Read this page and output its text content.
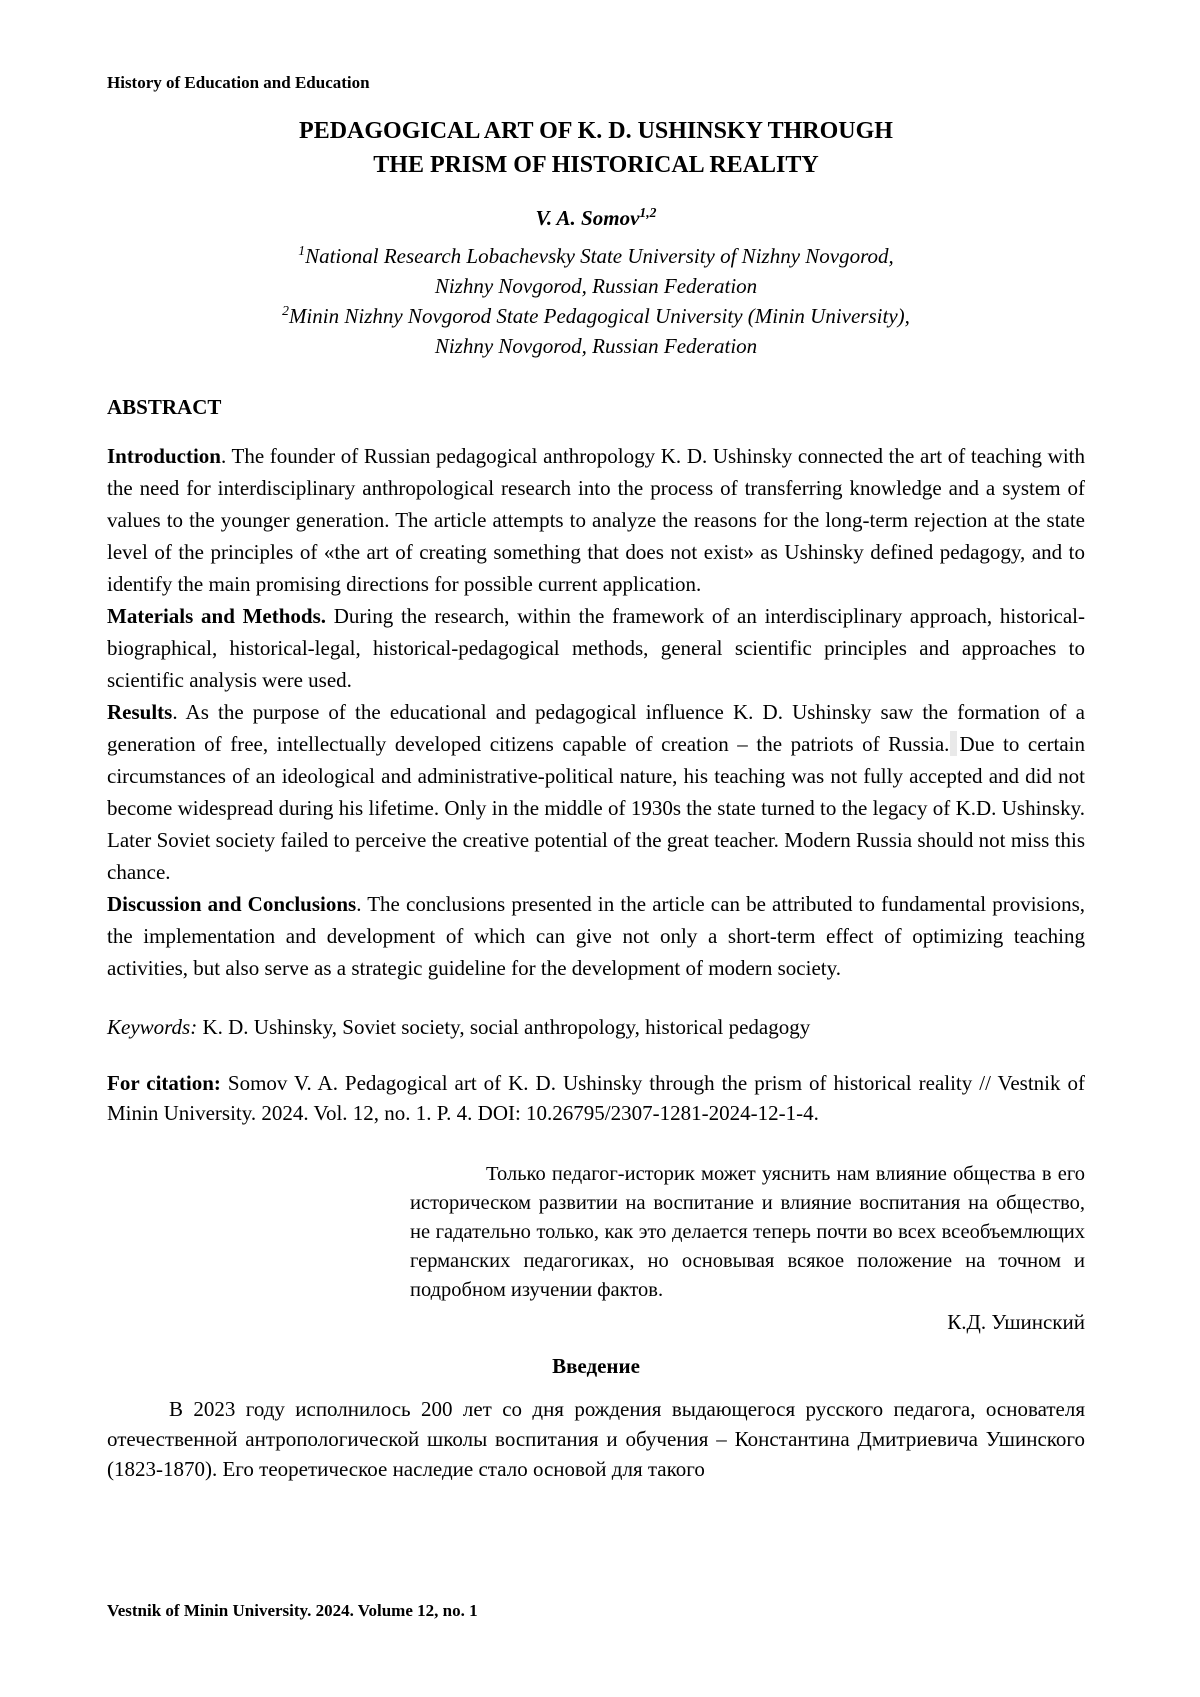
History of Education and Education
PEDAGOGICAL ART OF K. D. USHINSKY THROUGH
THE PRISM OF HISTORICAL REALITY
V. A. Somov$^{1,2}$
$^1$National Research Lobachevsky State University of Nizhny Novgorod,
Nizhny Novgorod, Russian Federation
$^2$Minin Nizhny Novgorod State Pedagogical University (Minin University),
Nizhny Novgorod, Russian Federation
ABSTRACT

Introduction. The founder of Russian pedagogical anthropology K. D. Ushinsky connected the art of teaching with the need for interdisciplinary anthropological research into the process of transferring knowledge and a system of values to the younger generation. The article attempts to analyze the reasons for the long-term rejection at the state level of the principles of «the art of creating something that does not exist» as Ushinsky defined pedagogy, and to identify the main promising directions for possible current application.

Materials and Methods. During the research, within the framework of an interdisciplinary approach, historical-biographical, historical-legal, historical-pedagogical methods, general scientific principles and approaches to scientific analysis were used.

Results. As the purpose of the educational and pedagogical influence K. D. Ushinsky saw the formation of a generation of free, intellectually developed citizens capable of creation – the patriots of Russia. Due to certain circumstances of an ideological and administrative-political nature, his teaching was not fully accepted and did not become widespread during his lifetime. Only in the middle of 1930s the state turned to the legacy of K.D. Ushinsky. Later Soviet society failed to perceive the creative potential of the great teacher. Modern Russia should not miss this chance.

Discussion and Conclusions. The conclusions presented in the article can be attributed to fundamental provisions, the implementation and development of which can give not only a short-term effect of optimizing teaching activities, but also serve as a strategic guideline for the development of modern society.

Keywords: K. D. Ushinsky, Soviet society, social anthropology, historical pedagogy
For citation: Somov V. A. Pedagogical art of K. D. Ushinsky through the prism of historical reality // Vestnik of Minin University. 2024. Vol. 12, no. 1. P. 4. DOI: 10.26795/2307-1281-2024-12-1-4.
Только педагог-историк может уяснить нам влияние общества в его историческом развитии на воспитание и влияние воспитания на общество, не гадательно только, как это делается теперь почти во всех всеобъемлющих германских педагогиках, но основывая всякое положение на точном и подробном изучении фактов.
К.Д. Ушинский
Введение
В 2023 году исполнилось 200 лет со дня рождения выдающегося русского педагога, основателя отечественной антропологической школы воспитания и обучения – Константина Дмитриевича Ушинского (1823-1870). Его теоретическое наследие стало основой для такого
Vestnik of Minin University. 2024. Volume 12, no. 1
